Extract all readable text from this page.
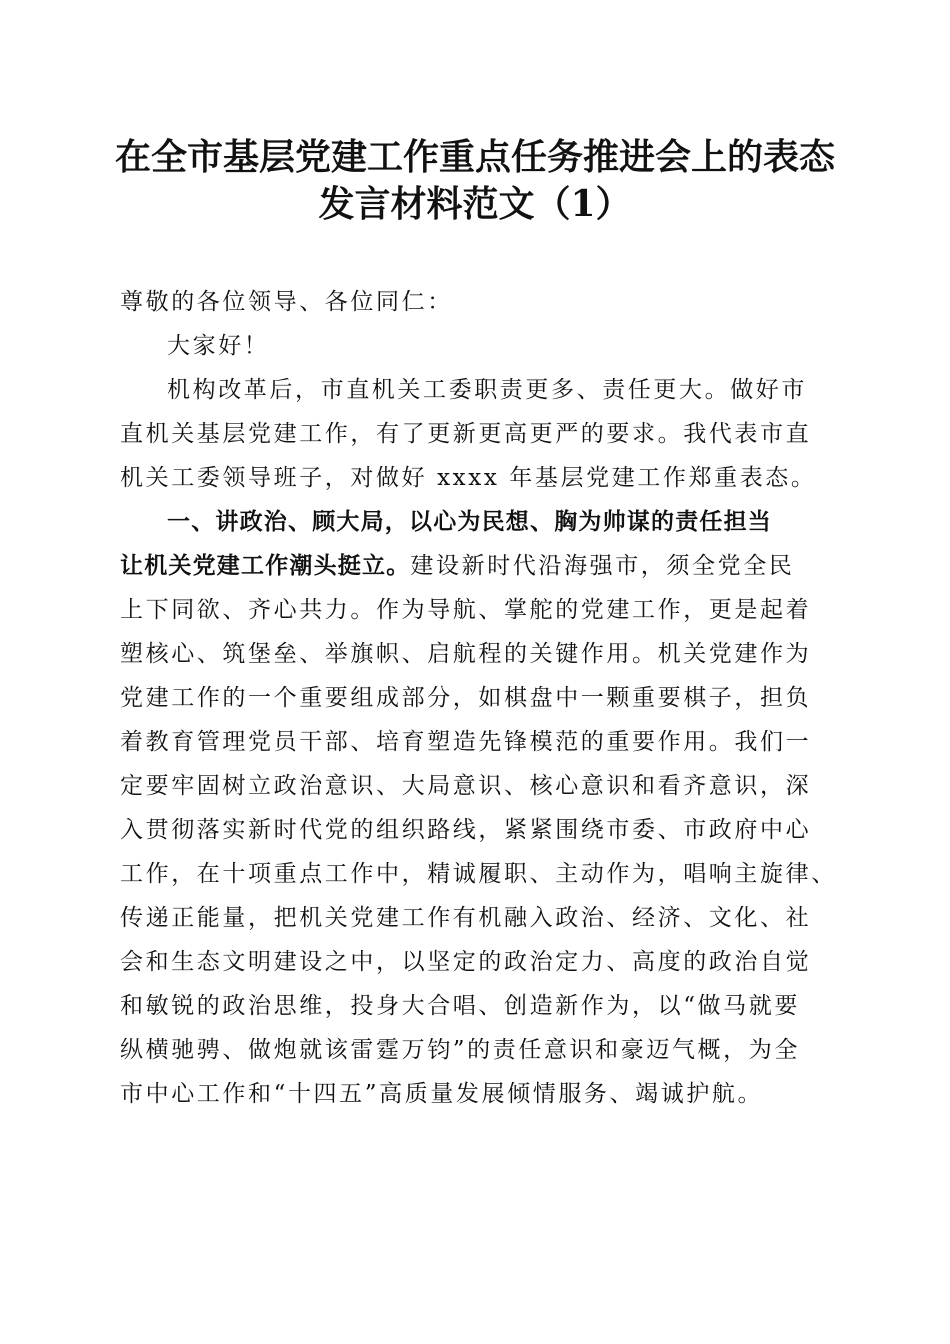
在全市基层党建工作重点任务推进会上的表态
发言材料范文（1）
尊敬的各位领导、各位同仁：
大家好！
机构改革后，市直机关工委职责更多、责任更大。做好市
直机关基层党建工作，有了更新更高更严的要求。我代表市直
机关工委领导班子，对做好 xxxx 年基层党建工作郑重表态。
一、讲政治、顾大局，以心为民想、胸为帅谋的责任担当
让机关党建工作潮头挺立。建设新时代沿海强市，须全党全民
上下同欲、齐心共力。作为导航、掌舵的党建工作，更是起着
塑核心、筑堡垒、举旗帜、启航程的关键作用。机关党建作为
党建工作的一个重要组成部分，如棋盘中一颗重要棋子，担负
着教育管理党员干部、培育塑造先锋模范的重要作用。我们一
定要牢固树立政治意识、大局意识、核心意识和看齐意识，深
入贯彻落实新时代党的组织路线，紧紧围绕市委、市政府中心
工作，在十项重点工作中，精诚履职、主动作为，唱响主旋律、
传递正能量，把机关党建工作有机融入政治、经济、文化、社
会和生态文明建设之中，以坚定的政治定力、高度的政治自觉
和敏锐的政治思维，投身大合唱、创造新作为，以“做马就要
纵横驰骋、做炮就该雷霆万钧”的责任意识和豪迈气概，为全
市中心工作和“十四五”高质量发展倾情服务、竭诚护航。
